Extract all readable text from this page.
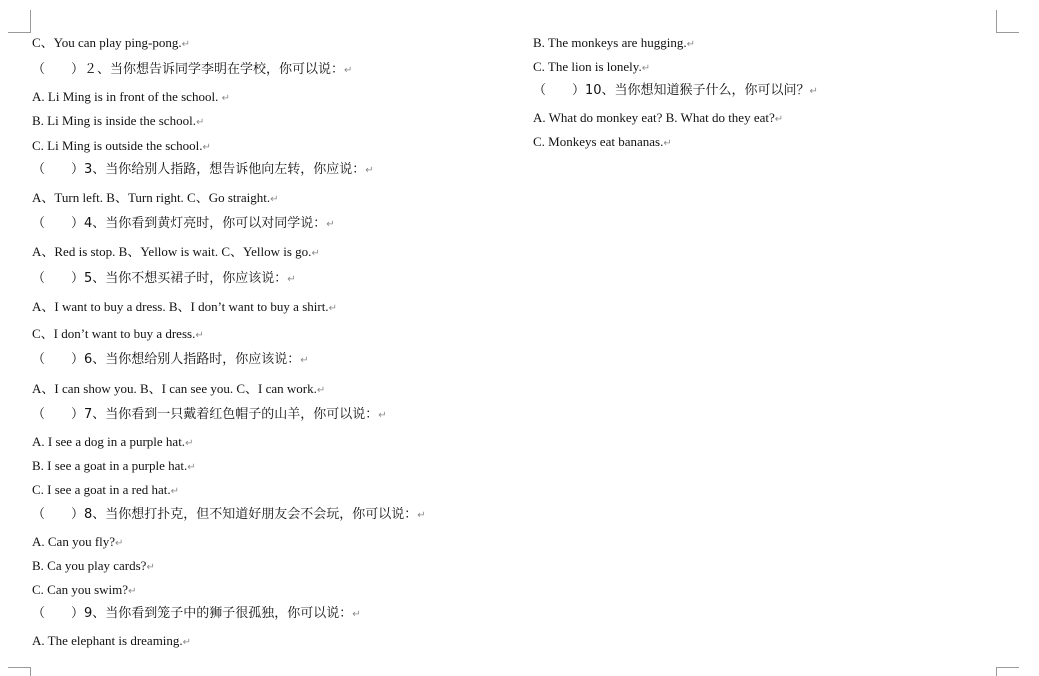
C、You can play ping-pong.↵
（　　）２、当你想告诉同学李明在学校，你可以说：↵
A. Li Ming is in front of the school. ↵
B. Li Ming is inside the school.↵
C. Li Ming is outside the school.↵
（　　）3、当你给别人指路，想告诉他向左转，你应说：↵
A、Turn left. B、Turn right. C、Go straight.↵
（　　）4、当你看到黄灯亮时，你可以对同学说：↵
A、Red is stop. B、Yellow is wait. C、Yellow is go.↵
（　　）5、当你不想买裙子时，你应该说：↵
A、I want to buy a dress. B、I don’t want to buy a shirt.↵
C、I don’t want to buy a dress.↵
（　　）6、当你想给别人指路时，你应该说：↵
A、I can show you. B、I can see you. C、I can work.↵
（　　）7、当你看到一只戴着红色帽子的山羊，你可以说：↵
A. I see a dog in a purple hat.↵
B. I see a goat in a purple hat.↵
C. I see a goat in a red hat.↵
（　　）8、当你想打扑克，但不知道好朋友会不会玩，你可以说：↵
A. Can you fly?↵
B. Ca you play cards?↵
C. Can you swim?↵
（　　）9、当你看到笼子中的狮子很孤独，你可以说：↵
A. The elephant is dreaming.↵
B. The monkeys are hugging.↵
C. The lion is lonely.↵
（　　）10、当你想知道猴子什么，你可以问？↵
A. What do monkey eat? B. What do they eat?↵
C. Monkeys eat bananas.↵
